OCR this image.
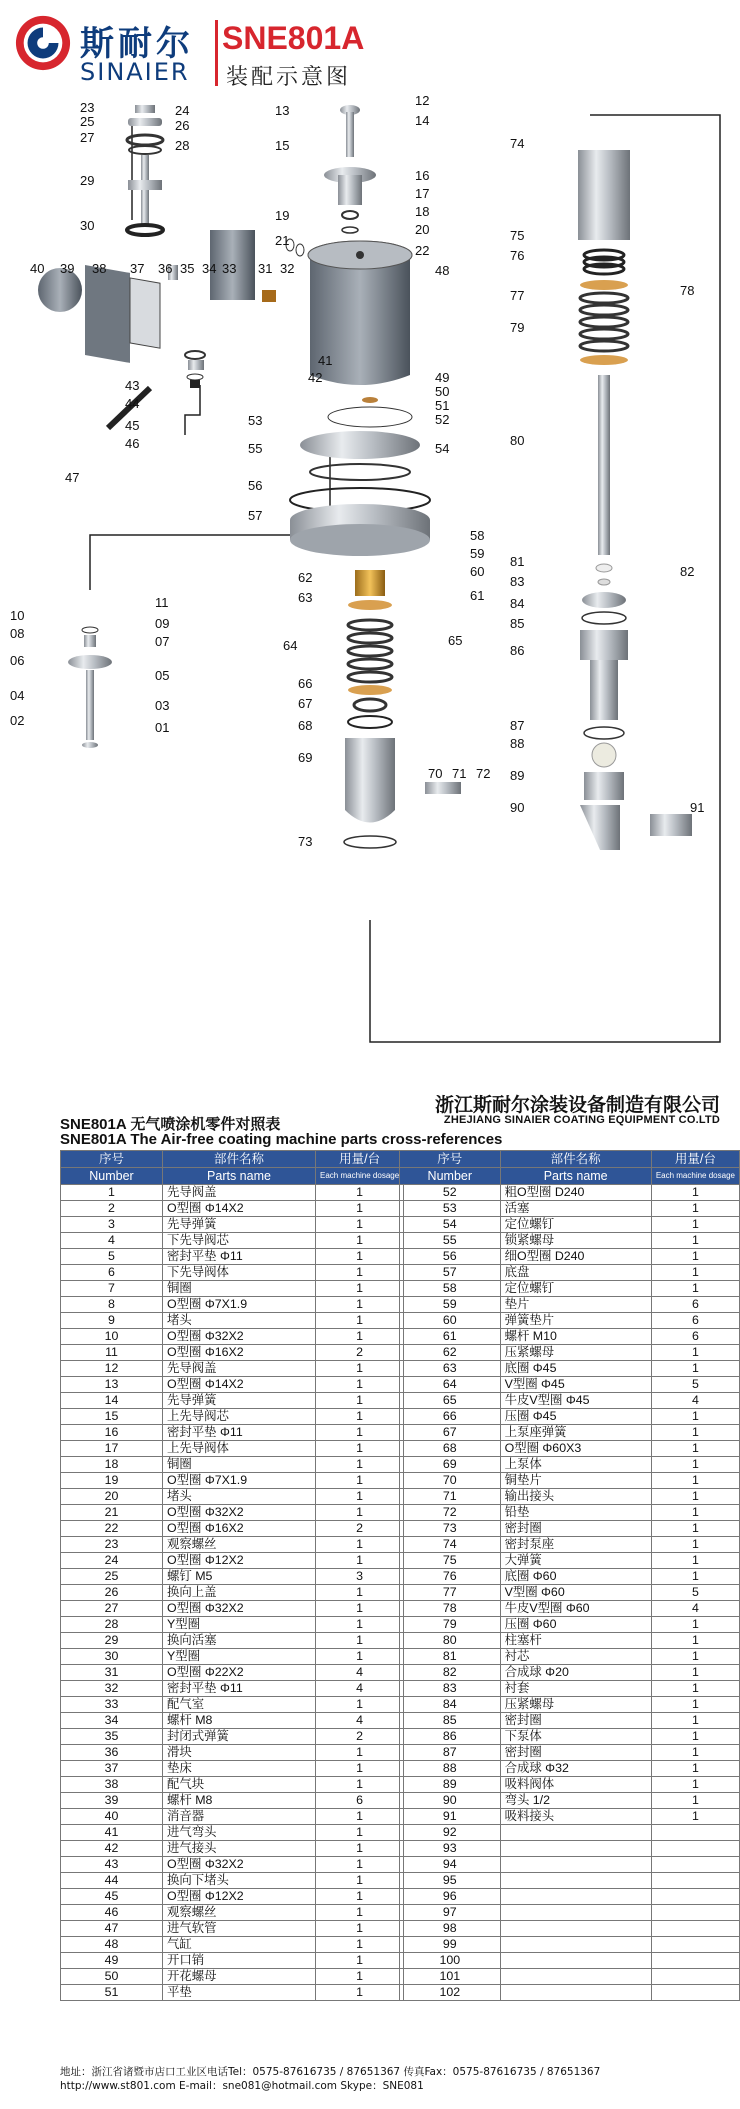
斯耐尔
SINAIER
SNE801A
装配示意图
23
25
27
29
30
24
26
28
13
15
19
21
12
14
16
17
18
20
22
48
40 39 38 37 36 35 34 33 31 32
41
42
43
44
45
46
47
49
50
51
52
53
54
55
56
57
58
59
60
61
62
63
64	65
66
67
68
69
70 71 72
73
10
11
08
09
07
06
05
04
03
02	01
74
75
76
77	78
79
80
81
82
83
84
85
86
87
88
89
90	91
浙江斯耐尔涂装设备制造有限公司
ZHEJIANG SINAIER COATING EQUIPMENT CO.LTD
SNE801A 无气喷涂机零件对照表
SNE801A The Air-free coating machine parts cross-references
序号	部件名称	用量/台
Number	Parts name	Each machine dosage
1	先导阀盖	1
2	O型圈 Φ14X2	1
3	先导弹簧	1
4	下先导阀芯	1
5	密封平垫 Φ11	1
6	下先导阀体	1
7	铜圈	1
8	O型圈 Φ7X1.9	1
9	堵头	1
10	O型圈 Φ32X2	1
11	O型圈 Φ16X2	2
12	先导阀盖	1
13	O型圈 Φ14X2	1
14	先导弹簧	1
15	上先导阀芯	1
16	密封平垫 Φ11	1
17	上先导阀体	1
18	铜圈	1
19	O型圈 Φ7X1.9	1
20	堵头	1
21	O型圈 Φ32X2	1
22	O型圈 Φ16X2	2
23	观察螺丝	1
24	O型圈 Φ12X2	1
25	螺钉 M5	3
26	换向上盖	1
27	O型圈 Φ32X2	1
28	Y型圈	1
29	换向活塞	1
30	Y型圈	1
31	O型圈 Φ22X2	4
32	密封平垫 Φ11	4
33	配气室	1
34	螺杆 M8	4
35	封闭式弹簧	2
36	滑块	1
37	垫床	1
38	配气块	1
39	螺杆 M8	6
40	消音器	1
41	进气弯头	1
42	进气接头	1
43	O型圈 Φ32X2	1
44	换向下堵头	1
45	O型圈 Φ12X2	1
46	观察螺丝	1
47	进气软管	1
48	气缸	1
49	开口销	1
50	开花螺母	1
51	平垫	1
序号	部件名称	用量/台
Number	Parts name	Each machine dosage
52	粗O型圈 D240	1
53	活塞	1
54	定位螺钉	1
55	锁紧螺母	1
56	细O型圈 D240	1
57	底盘	1
58	定位螺钉	1
59	垫片	6
60	弹簧垫片	6
61	螺杆 M10	6
62	压紧螺母	1
63	底圈 Φ45	1
64	V型圈 Φ45	5
65	牛皮V型圈 Φ45	4
66	压圈 Φ45	1
67	上泵座弹簧	1
68	O型圈 Φ60X3	1
69	上泵体	1
70	铜垫片	1
71	输出接头	1
72	铅垫	1
73	密封圈	1
74	密封泵座	1
75	大弹簧	1
76	底圈 Φ60	1
77	V型圈 Φ60	5
78	牛皮V型圈 Φ60	4
79	压圈 Φ60	1
80	柱塞杆	1
81	衬芯	1
82	合成球 Φ20	1
83	衬套	1
84	压紧螺母	1
85	密封圈	1
86	下泵体	1
87	密封圈	1
88	合成球 Φ32	1
89	吸料阀体	1
90	弯头 1/2	1
91	吸料接头	1
92		
93		
94		
95		
96		
97		
98		
99		
100		
101		
102		
地址：浙江省诸暨市店口工业区电话Tel：0575-87616735 / 87651367 传真Fax：0575-87616735 / 87651367
http://www.st801.com E-mail：sne081@hotmail.com Skype：SNE081
